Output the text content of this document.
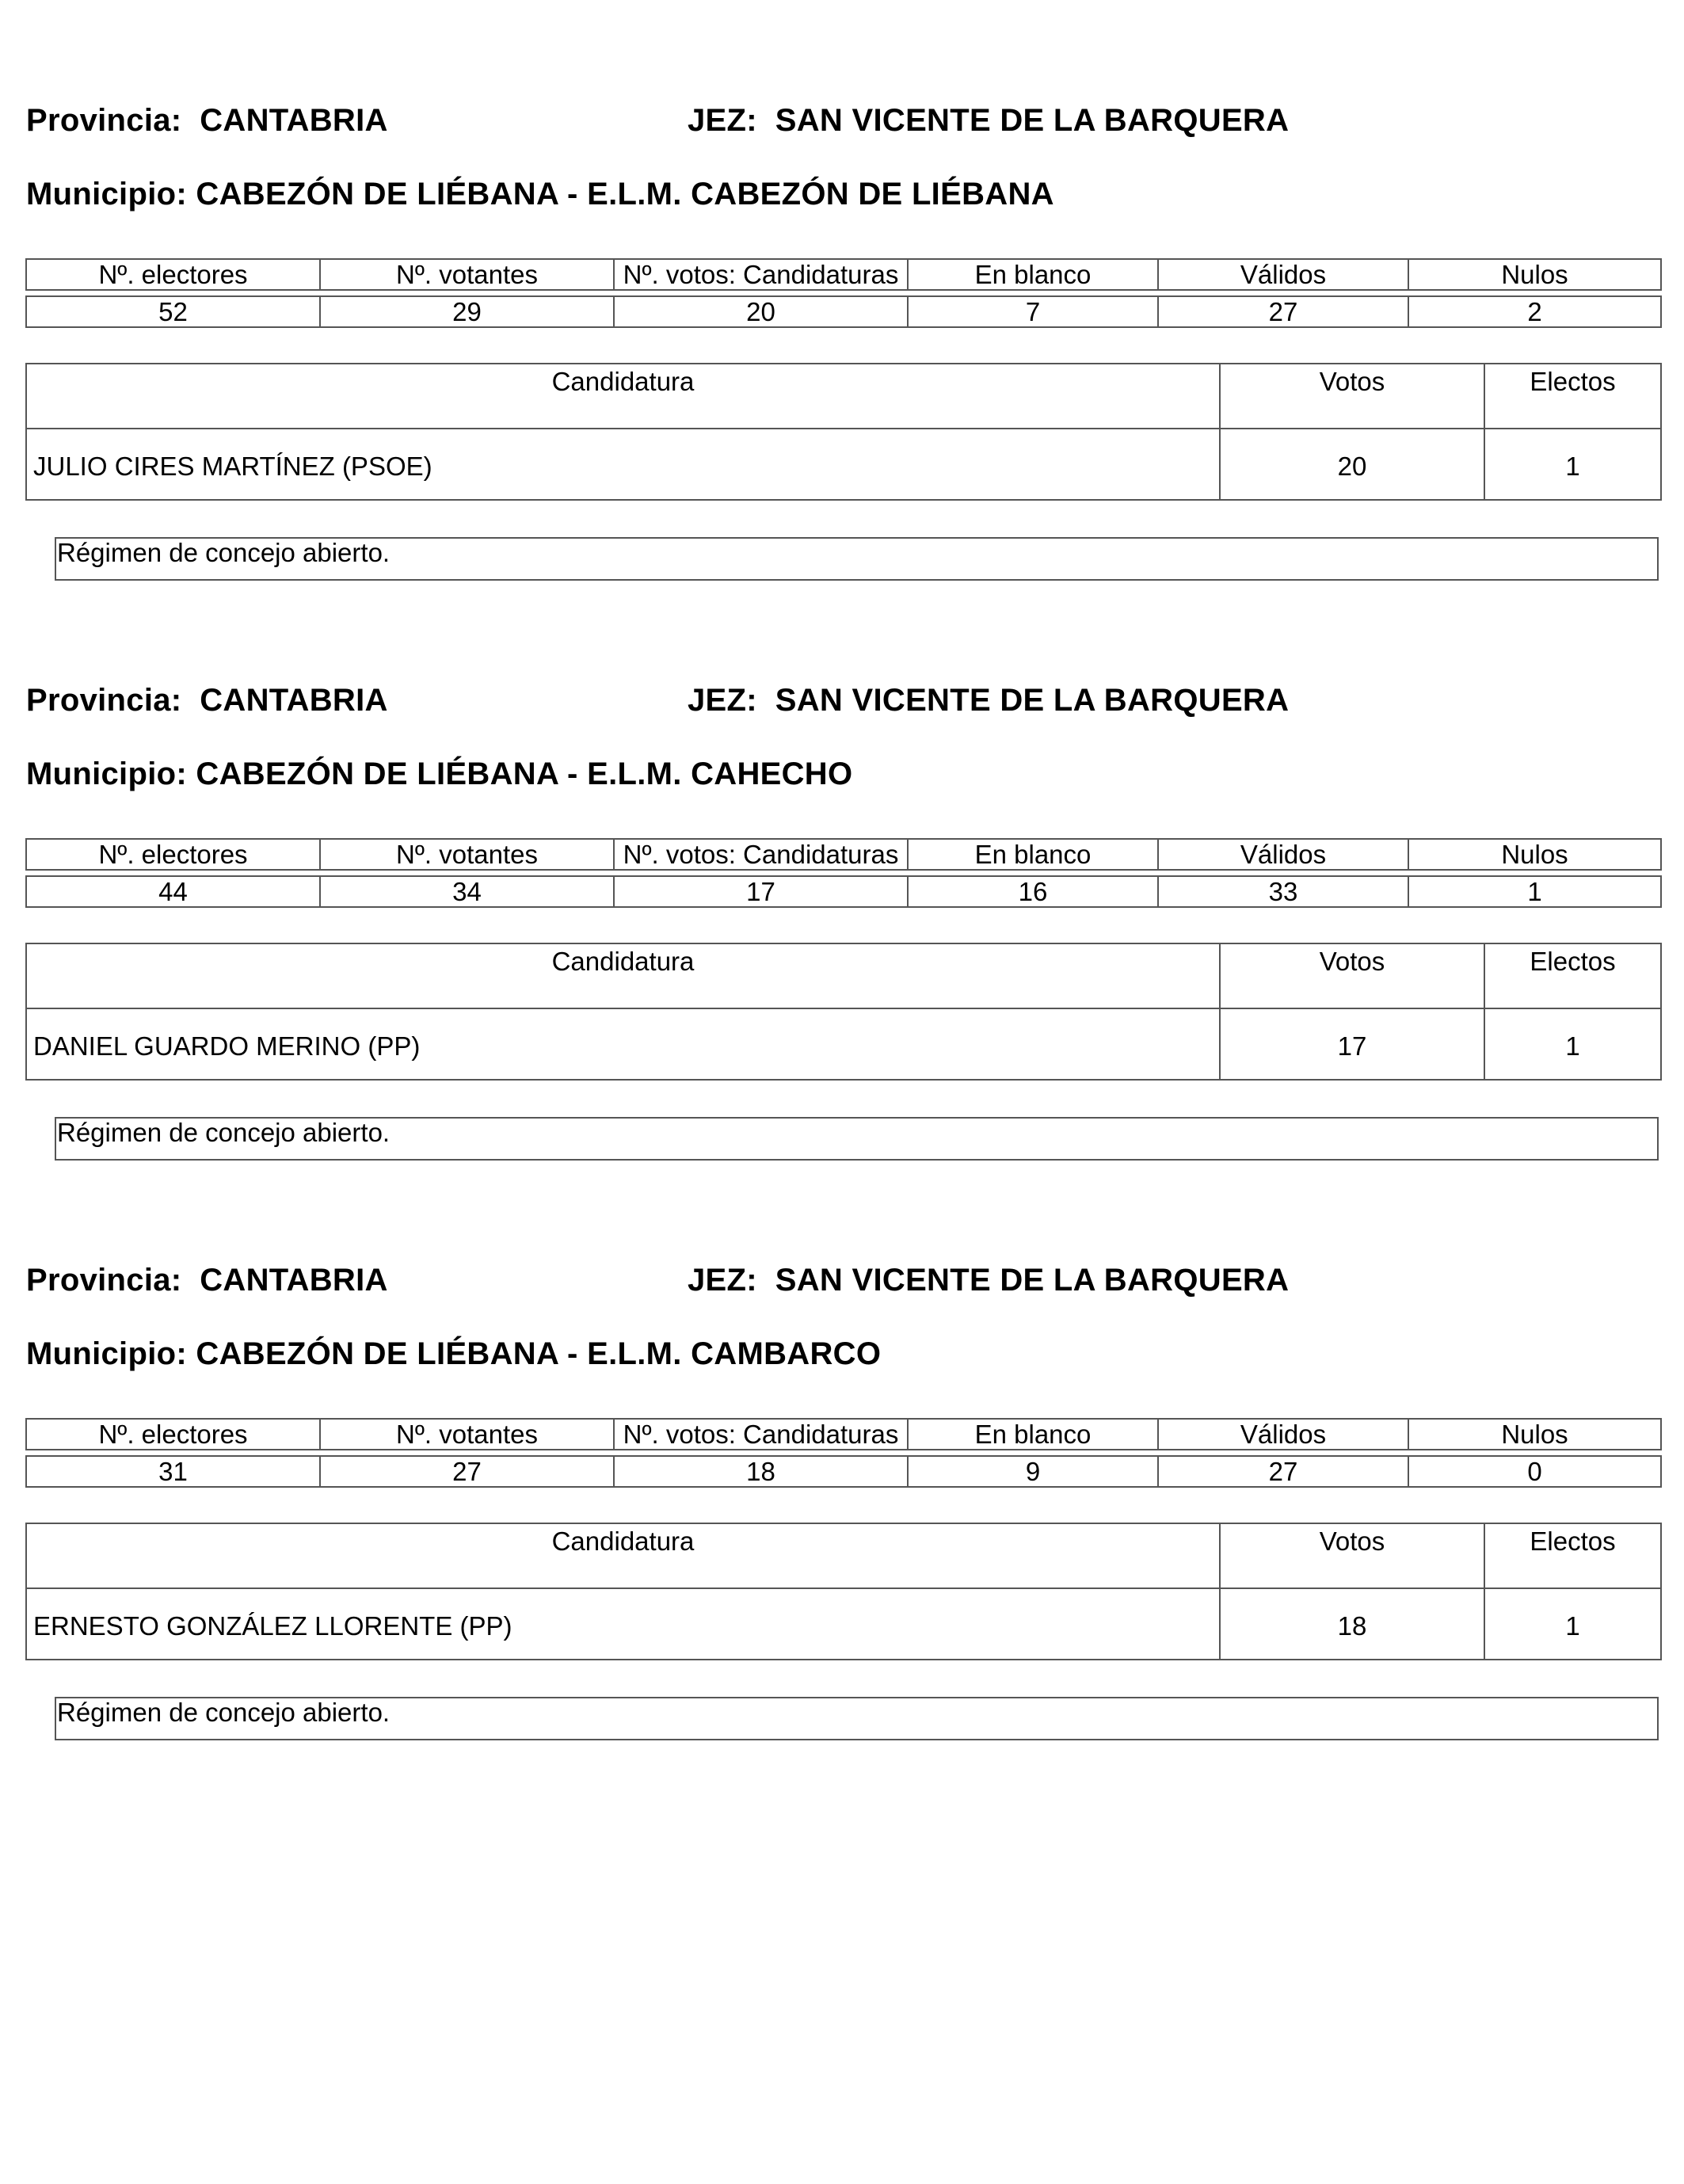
Provincia: CANTABRIA	JEZ: SAN VICENTE DE LA BARQUERA
Municipio: CABEZÓN DE LIÉBANA - E.L.M. CABEZÓN DE LIÉBANA
Nº. electores	Nº. votantes	Nº. votos: Candidaturas	En blanco	Válidos	Nulos

52	29	20	7	27	2
Candidatura	Votos	Electos
JULIO CIRES MARTÍNEZ (PSOE)	20	1
Régimen de concejo abierto.
Provincia: CANTABRIA	JEZ: SAN VICENTE DE LA BARQUERA
Municipio: CABEZÓN DE LIÉBANA - E.L.M. CAHECHO
Nº. electores	Nº. votantes	Nº. votos: Candidaturas	En blanco	Válidos	Nulos

44	34	17	16	33	1
Candidatura	Votos	Electos
DANIEL GUARDO MERINO (PP)	17	1
Régimen de concejo abierto.
Provincia: CANTABRIA	JEZ: SAN VICENTE DE LA BARQUERA
Municipio: CABEZÓN DE LIÉBANA - E.L.M. CAMBARCO
Nº. electores	Nº. votantes	Nº. votos: Candidaturas	En blanco	Válidos	Nulos

31	27	18	9	27	0
Candidatura	Votos	Electos
ERNESTO GONZÁLEZ LLORENTE (PP)	18	1
Régimen de concejo abierto.
